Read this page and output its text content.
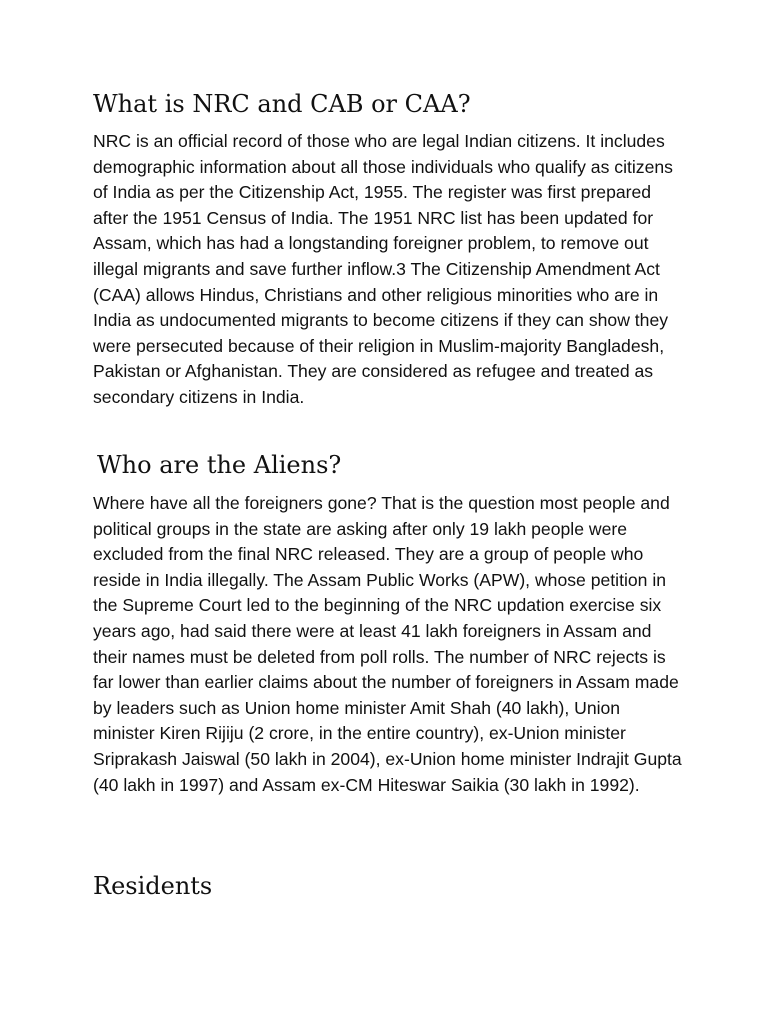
What is NRC and CAB or CAA?

NRC is an official record of those who are legal Indian citizens. It includes demographic information about all those individuals who qualify as citizens of India as per the Citizenship Act, 1955. The register was first prepared after the 1951 Census of India. The 1951 NRC list has been updated for Assam, which has had a longstanding foreigner problem, to remove out illegal migrants and save further inflow.3 The Citizenship Amendment Act (CAA) allows Hindus, Christians and other religious minorities who are in India as undocumented migrants to become citizens if they can show they were persecuted because of their religion in Muslim-majority Bangladesh, Pakistan or Afghanistan. They are considered as refugee and treated as secondary citizens in India.

Who are the Aliens?

Where have all the foreigners gone? That is the question most people and political groups in the state are asking after only 19 lakh people were excluded from the final NRC released. They are a group of people who reside in India illegally. The Assam Public Works (APW), whose petition in the Supreme Court led to the beginning of the NRC updation exercise six years ago, had said there were at least 41 lakh foreigners in Assam and their names must be deleted from poll rolls. The number of NRC rejects is far lower than earlier claims about the number of foreigners in Assam made by leaders such as Union home minister Amit Shah (40 lakh), Union minister Kiren Rijiju (2 crore, in the entire country), ex-Union minister Sriprakash Jaiswal (50 lakh in 2004), ex-Union home minister Indrajit Gupta (40 lakh in 1997) and Assam ex-CM Hiteswar Saikia (30 lakh in 1992).

Residents
